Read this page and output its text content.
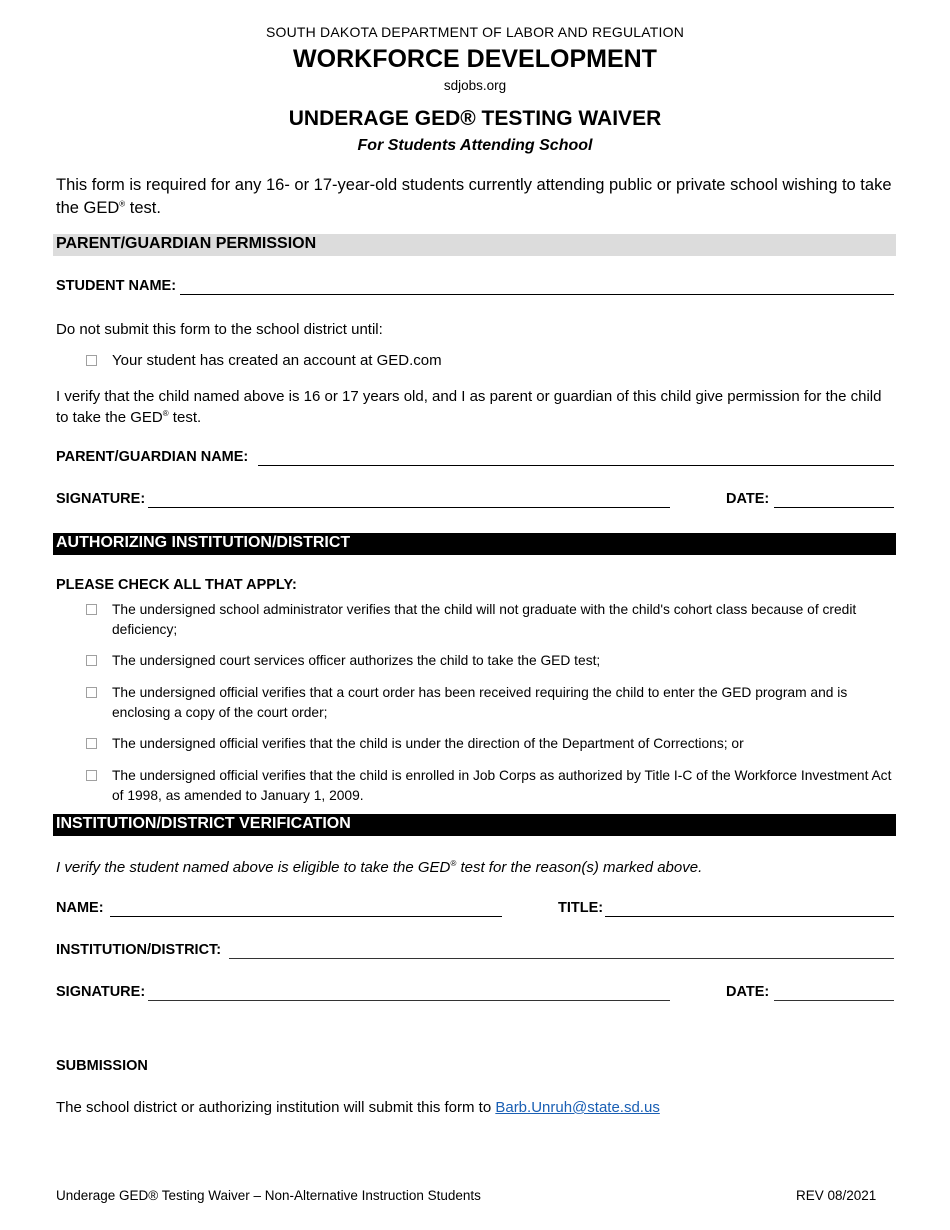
SOUTH DAKOTA DEPARTMENT OF LABOR AND REGULATION
WORKFORCE DEVELOPMENT
sdjobs.org
UNDERAGE GED® TESTING WAIVER
For Students Attending School
This form is required for any 16- or 17-year-old students currently attending public or private school wishing to take the GED® test.
PARENT/GUARDIAN PERMISSION
STUDENT NAME:
Do not submit this form to the school district until:
Your student has created an account at GED.com
I verify that the child named above is 16 or 17 years old, and I as parent or guardian of this child give permission for the child to take the GED® test.
PARENT/GUARDIAN NAME:
SIGNATURE:	DATE:
AUTHORIZING INSTITUTION/DISTRICT
PLEASE CHECK ALL THAT APPLY:
The undersigned school administrator verifies that the child will not graduate with the child's cohort class because of credit deficiency;
The undersigned court services officer authorizes the child to take the GED test;
The undersigned official verifies that a court order has been received requiring the child to enter the GED program and is enclosing a copy of the court order;
The undersigned official verifies that the child is under the direction of the Department of Corrections; or
The undersigned official verifies that the child is enrolled in Job Corps as authorized by Title I-C of the Workforce Investment Act of 1998, as amended to January 1, 2009.
INSTITUTION/DISTRICT VERIFICATION
I verify the student named above is eligible to take the GED® test for the reason(s) marked above.
NAME:	TITLE:
INSTITUTION/DISTRICT:
SIGNATURE:	DATE:
SUBMISSION
The school district or authorizing institution will submit this form to Barb.Unruh@state.sd.us
Underage GED® Testing Waiver – Non-Alternative Instruction Students	REV 08/2021
